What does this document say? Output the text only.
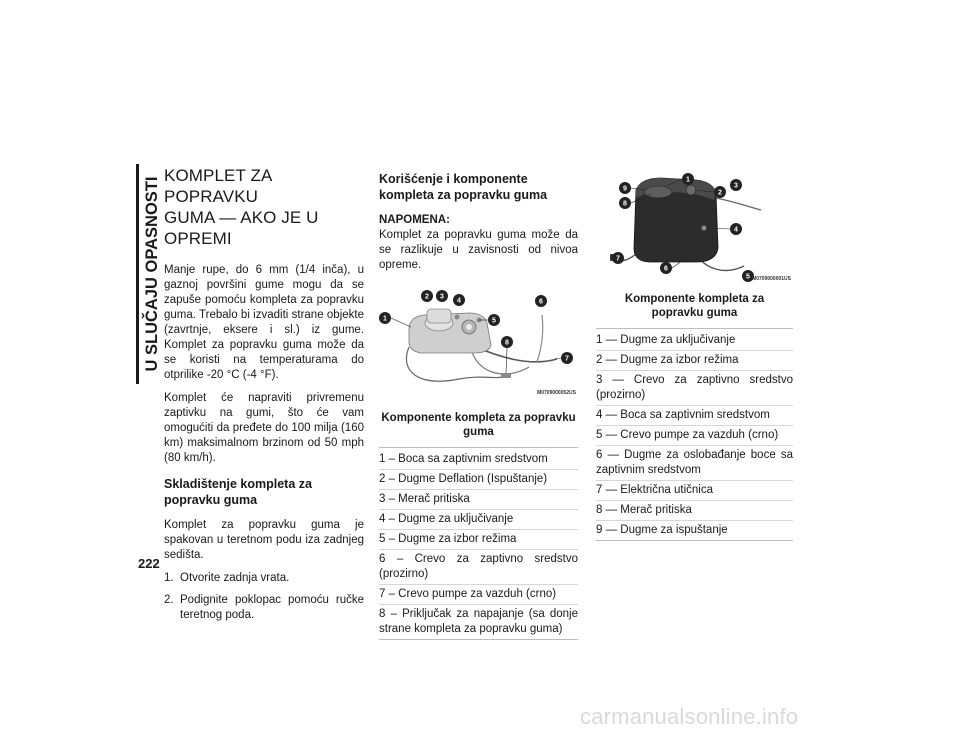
U SLUČAJU OPASNOSTI
222
KOMPLET ZA POPRAVKU
GUMA — AKO JE U OPREMI

Manje rupe, do 6 mm (1/4 inča), u gaznoj površini gume mogu da se zapuše pomoću kompleta za popravku guma. Trebalo bi izvaditi strane objekte (zavrtnje, eksere i sl.) iz gume. Komplet za popravku guma može da se koristi na temperaturama do otprilike -20 °C (-4 °F).

Komplet će napraviti privremenu zaptivku na gumi, što će vam omogućiti da pređete do 100 milja (160 km) maksimalnom brzinom od 50 mph (80 km/h).

Skladištenje kompleta za popravku guma

Komplet za popravku guma je spakovan u teretnom podu iza zadnjeg sedišta.

1. Otvorite zadnja vrata.
2. Podignite poklopac pomoću ručke teretnog poda.
Korišćenje i komponente kompleta za popravku guma

NAPOMENA:

Komplet za popravku guma može da se razlikuje u zavisnosti od nivoa opreme.

1
2 3
4
5
6
7
8
M0709000052US
Komponente kompleta za popravku guma
1 – Boca sa zaptivnim sredstvom
2 – Dugme Deflation (Ispuštanje)
3 – Merač pritiska
4 – Dugme za uključivanje
5 – Dugme za izbor režima
6 – Crevo za zaptivno sredstvo (prozirno)
7 – Crevo pumpe za vazduh (crno)
8 – Priključak za napajanje (sa donje strane kompleta za popravku guma)
1
2
3
4
5
6
7
8
9
M0709000001US
Komponente kompleta za popravku guma
1 — Dugme za uključivanje
2 — Dugme za izbor režima
3 — Crevo za zaptivno sredstvo (prozirno)
4 — Boca sa zaptivnim sredstvom
5 — Crevo pumpe za vazduh (crno)
6 — Dugme za oslobađanje boce sa zaptivnim sredstvom
7 — Električna utičnica
8 — Merač pritiska
9 — Dugme za ispuštanje
carmanualsonline.info
